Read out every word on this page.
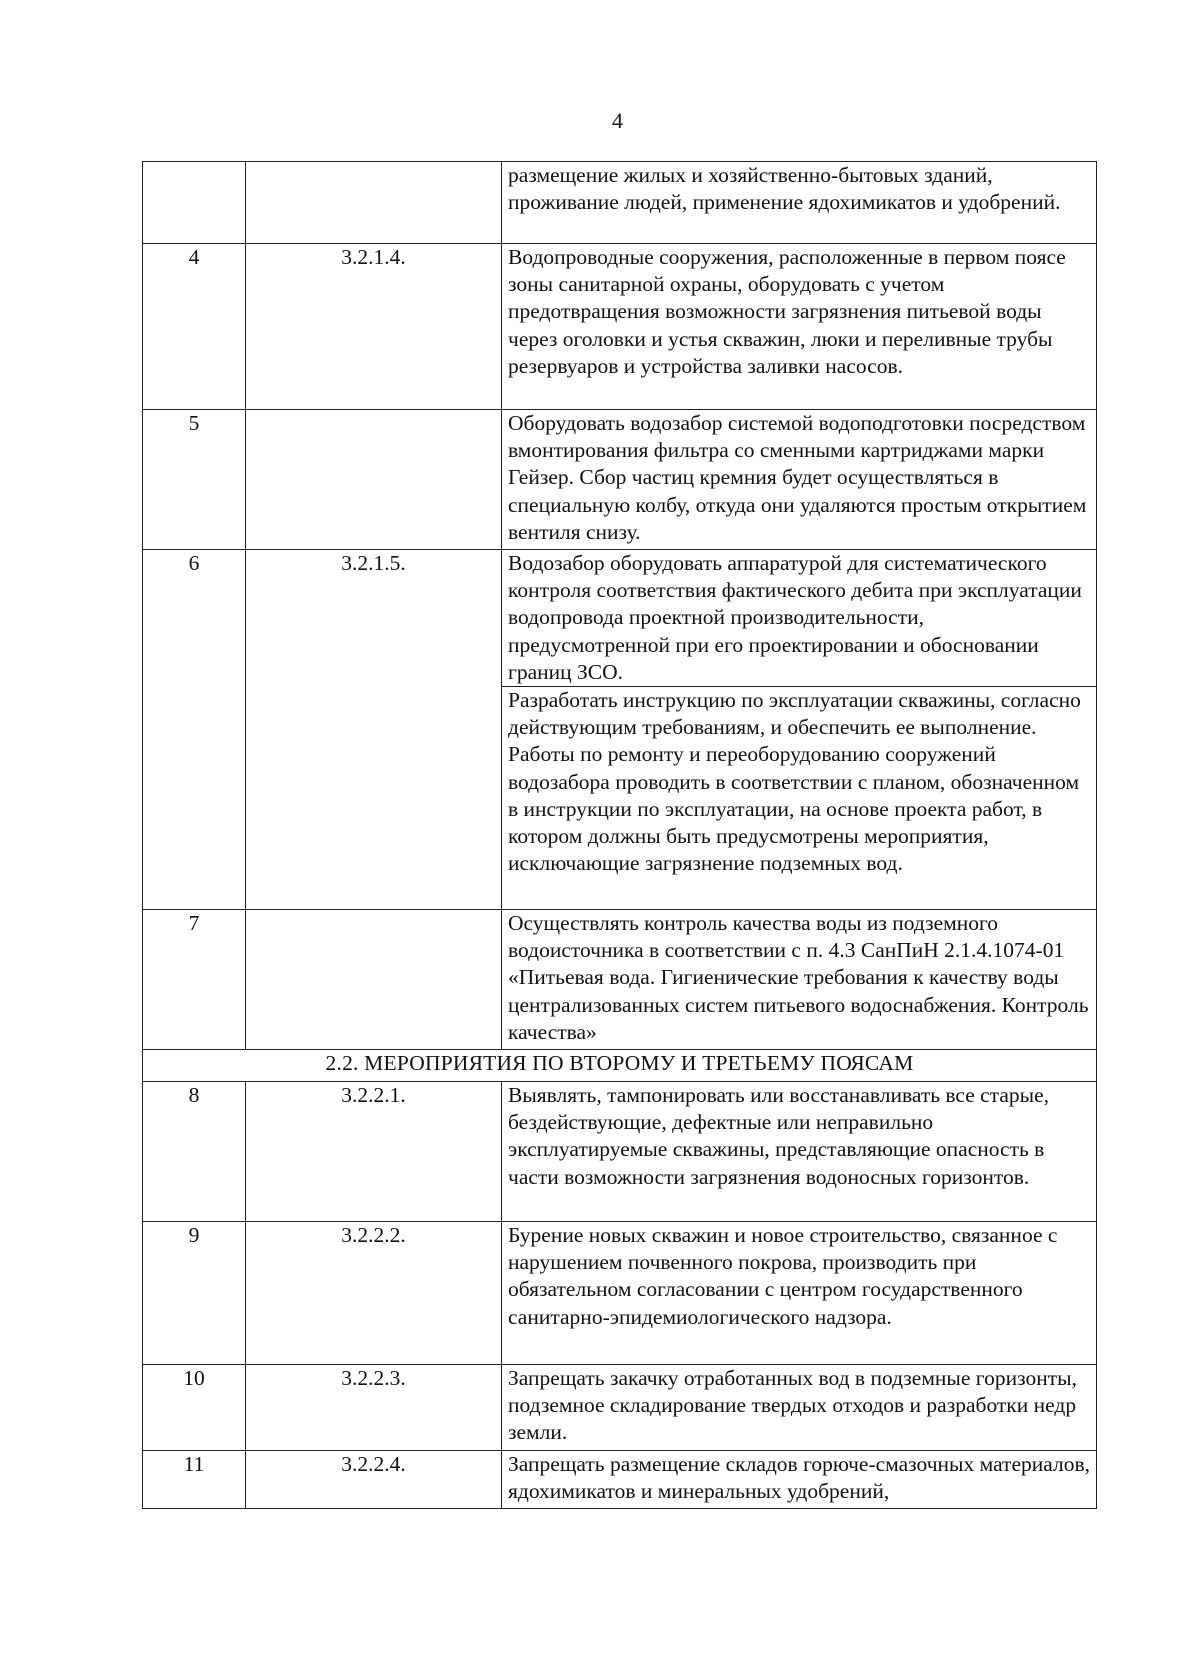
4
		размещение жилых и хозяйственно-бытовых зданий, проживание людей, применение ядохимикатов и удобрений.
4	3.2.1.4.	Водопроводные сооружения, расположенные в первом поясе зоны санитарной охраны, оборудовать с учетом предотвращения возможности загрязнения питьевой воды через оголовки и устья скважин, люки и переливные трубы резервуаров и устройства заливки насосов.
5		Оборудовать водозабор системой водоподготовки посредством вмонтирования фильтра со сменными картриджами марки Гейзер. Сбор частиц кремния будет осуществляться в специальную колбу, откуда они удаляются простым открытием вентиля снизу.
6	3.2.1.5.	Водозабор оборудовать аппаратурой для систематического контроля соответствия фактического дебита при эксплуатации водопровода проектной производительности, предусмотренной при его проектировании и обосновании границ ЗСО.
		Разработать инструкцию по эксплуатации скважины, согласно действующим требованиям, и обеспечить ее выполнение. Работы по ремонту и переоборудованию сооружений водозабора проводить в соответствии с планом, обозначенном в инструкции по эксплуатации, на основе проекта работ, в котором должны быть предусмотрены мероприятия, исключающие загрязнение подземных вод.
7		Осуществлять контроль качества воды из подземного водоисточника в соответствии с п. 4.3 СанПиН 2.1.4.1074-01 «Питьевая вода. Гигиенические требования к качеству воды централизованных систем питьевого водоснабжения. Контроль качества»
2.2. МЕРОПРИЯТИЯ ПО ВТОРОМУ И ТРЕТЬЕМУ ПОЯСАМ		
8	3.2.2.1.	Выявлять, тампонировать или восстанавливать все старые, бездействующие, дефектные или неправильно эксплуатируемые скважины, представляющие опасность в части возможности загрязнения водоносных горизонтов.
9	3.2.2.2.	Бурение новых скважин и новое строительство, связанное с нарушением почвенного покрова, производить при обязательном согласовании с центром государственного санитарно-эпидемиологического надзора.
10	3.2.2.3.	Запрещать закачку отработанных вод в подземные горизонты, подземное складирование твердых отходов и разработки недр земли.
11	3.2.2.4.	Запрещать размещение складов горюче-смазочных материалов, ядохимикатов и минеральных удобрений,
